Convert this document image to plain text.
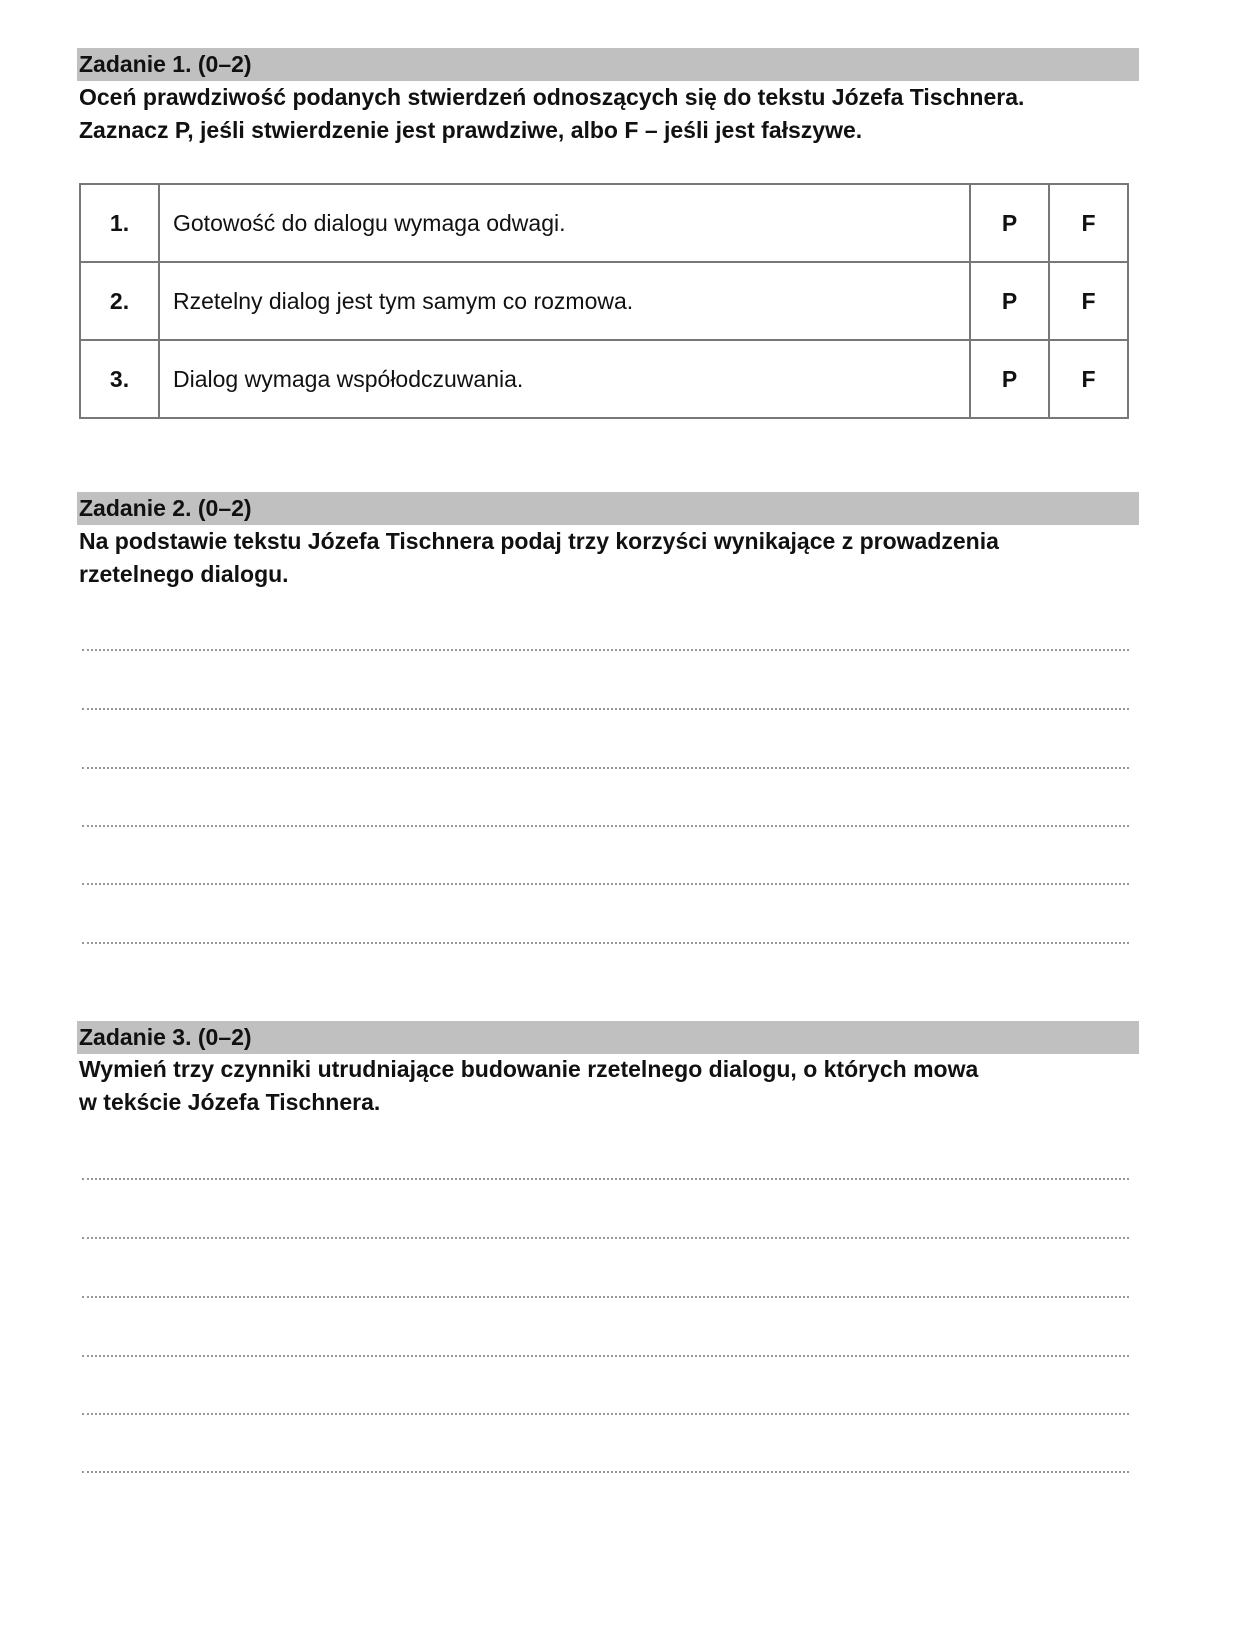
Zadanie 1. (0–2)
Oceń prawdziwość podanych stwierdzeń odnoszących się do tekstu Józefa Tischnera.
Zaznacz P, jeśli stwierdzenie jest prawdziwe, albo F – jeśli jest fałszywe.
1.	Gotowość do dialogu wymaga odwagi.	P	F
2.	Rzetelny dialog jest tym samym co rozmowa.	P	F
3.	Dialog wymaga współodczuwania.	P	F
Zadanie 2. (0–2)
Na podstawie tekstu Józefa Tischnera podaj trzy korzyści wynikające z prowadzenia
rzetelnego dialogu.
Zadanie 3. (0–2)
Wymień trzy czynniki utrudniające budowanie rzetelnego dialogu, o których mowa
w tekście Józefa Tischnera.
